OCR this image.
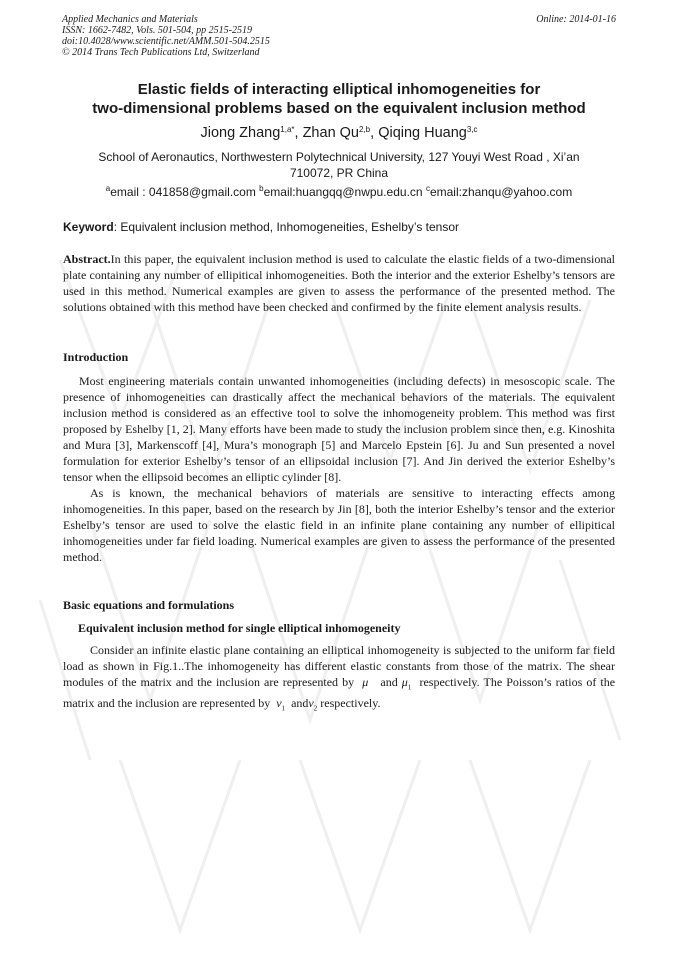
Applied Mechanics and Materials
ISSN: 1662-7482, Vols. 501-504, pp 2515-2519
doi:10.4028/www.scientific.net/AMM.501-504.2515
© 2014 Trans Tech Publications Ltd, Switzerland
Online: 2014-01-16
Elastic fields of interacting elliptical inhomogeneities for
two-dimensional problems based on the equivalent inclusion method
Jiong Zhang$^{1,a*}$, Zhan Qu$^{2,b}$, Qiqing Huang$^{3,c}$
School of Aeronautics, Northwestern Polytechnical University, 127 Youyi West Road , Xi’an
710072, PR China
$^a$email : 041858@gmail.com $^b$email:huangqq@nwpu.edu.cn $^c$email:zhanqu@yahoo.com
Keyword: Equivalent inclusion method, Inhomogeneities, Eshelby’s tensor
Abstract.In this paper, the equivalent inclusion method is used to calculate the elastic fields of a two-dimensional plate containing any number of ellipitical inhomogeneities. Both the interior and the exterior Eshelby’s tensors are used in this method. Numerical examples are given to assess the performance of the presented method. The solutions obtained with this method have been checked and confirmed by the finite element analysis results.
Introduction

Most engineering materials contain unwanted inhomogeneities (including defects) in mesoscopic scale. The presence of inhomogeneities can drastically affect the mechanical behaviors of the materials. The equivalent inclusion method is considered as an effective tool to solve the inhomogeneity problem. This method was first proposed by Eshelby [1, 2]. Many efforts have been made to study the inclusion problem since then, e.g. Kinoshita and Mura [3], Markenscoff [4], Mura’s monograph [5] and Marcelo Epstein [6]. Ju and Sun presented a novel formulation for exterior Eshelby’s tensor of an ellipsoidal inclusion [7]. And Jin derived the exterior Eshelby’s tensor when the ellipsoid becomes an elliptic cylinder [8].

As is known, the mechanical behaviors of materials are sensitive to interacting effects among inhomogeneities. In this paper, based on the research by Jin [8], both the interior Eshelby’s tensor and the exterior Eshelby’s tensor are used to solve the elastic field in an infinite plane containing any number of ellipitical inhomogeneities under far field loading. Numerical examples are given to assess the performance of the presented method.

Basic equations and formulations
Equivalent inclusion method for single elliptical inhomogeneity

Consider an infinite elastic plane containing an elliptical inhomogeneity is subjected to the uniform far field load as shown in Fig.1..The inhomogeneity has different elastic constants from those of the matrix. The shear modules of the matrix and the inclusion are represented by μ and $\mu_1$ respectively. The Poisson’s ratios of the matrix and the inclusion are represented by $\nu_1$ andν$_2$ respectively.
